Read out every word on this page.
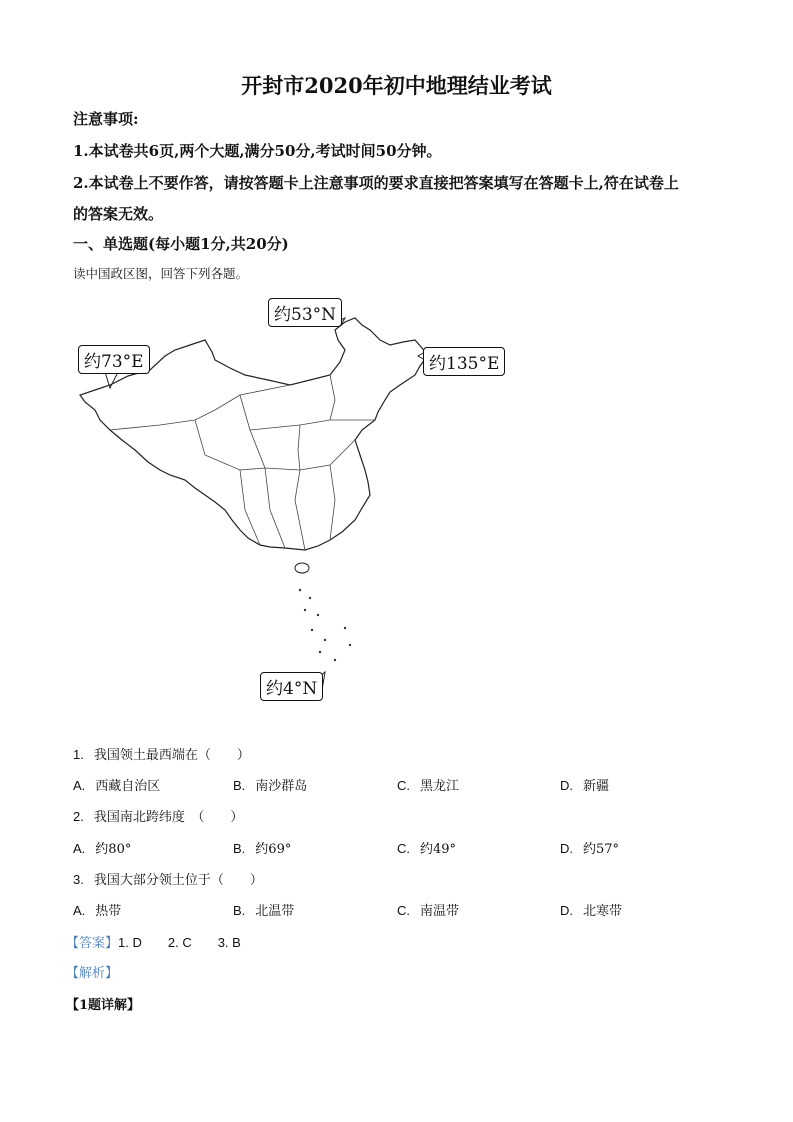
开封市2020年初中地理结业考试
注意事项:
1.本试卷共6页,两个大题,满分50分,考试时间50分钟。
2.本试卷上不要作答，请按答题卡上注意事项的要求直接把答案填写在答题卡上,符在试卷上
的答案无效。
一、单选题(每小题1分,共20分)
读中国政区图，回答下列各题。
约53°N
约73°E	约135°E
约4°N
1. 我国领土最西端在（　　）
A. 西藏自治区	B. 南沙群岛	C. 黑龙江	D. 新疆
2. 我国南北跨纬度　（　　）
A. 约80°	B. 约69°	C. 约49°	D. 约57°
3. 我国大部分领土位于（　　）
A. 热带	B. 北温带	C. 南温带	D. 北寒带
【答案】1. D 2. C 3. B
【解析】
【1题详解】
